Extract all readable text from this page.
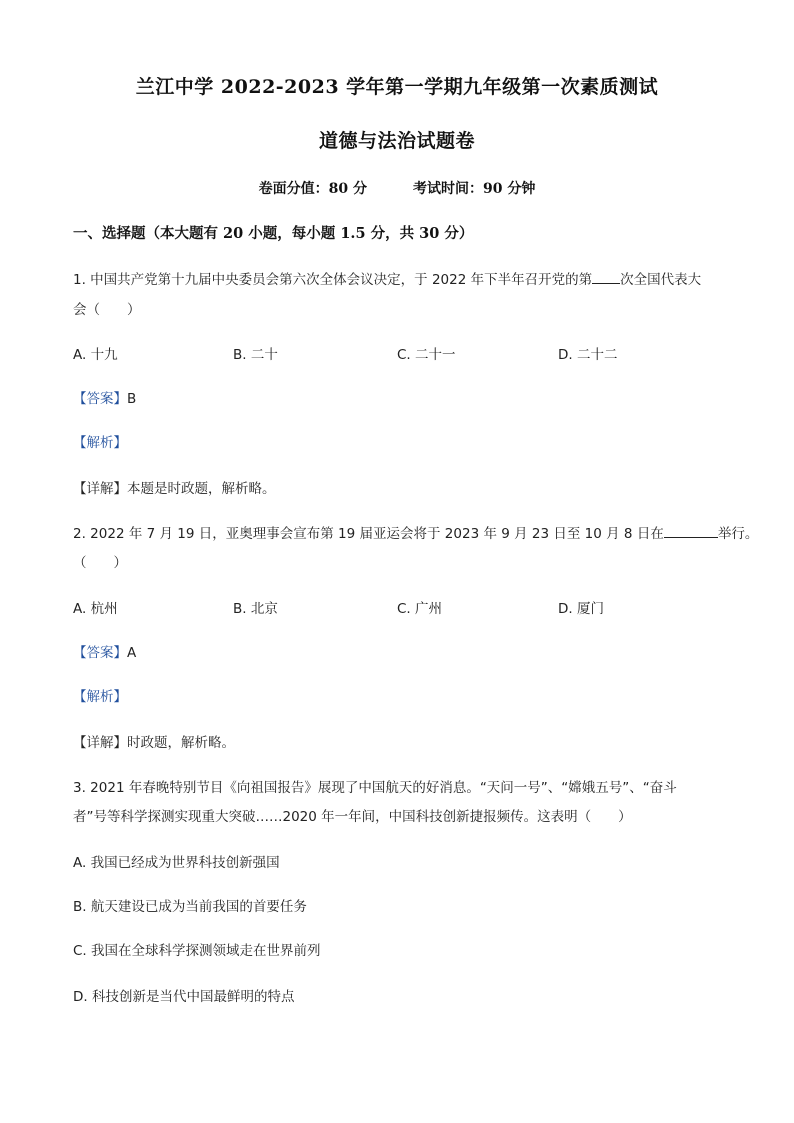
兰江中学 2022-2023 学年第一学期九年级第一次素质测试
道德与法治试题卷
卷面分值：80 分	考试时间：90 分钟
一、选择题（本大题有 20 小题，每小题 1.5 分，共 30 分）
1. 中国共产党第十九届中央委员会第六次全体会议决定，于 2022 年下半年召开党的第 次全国代表大
会（　　）
A. 十九	B. 二十	C. 二十一	D. 二十二
【答案】B
【解析】
【详解】本题是时政题，解析略。
2. 2022 年 7 月 19 日，亚奥理事会宣布第 19 届亚运会将于 2023 年 9 月 23 日至 10 月 8 日在	举行。
（　　）
A. 杭州	B. 北京	C. 广州	D. 厦门
【答案】A
【解析】
【详解】时政题，解析略。
3. 2021 年春晚特别节目《向祖国报告》展现了中国航天的好消息。“天问一号”、“嫦娥五号”、“奋斗
者”号等科学探测实现重大突破……2020 年一年间，中国科技创新捷报频传。这表明（　　）
A. 我国已经成为世界科技创新强国
B. 航天建设已成为当前我国的首要任务
C. 我国在全球科学探测领域走在世界前列
D. 科技创新是当代中国最鲜明的特点
